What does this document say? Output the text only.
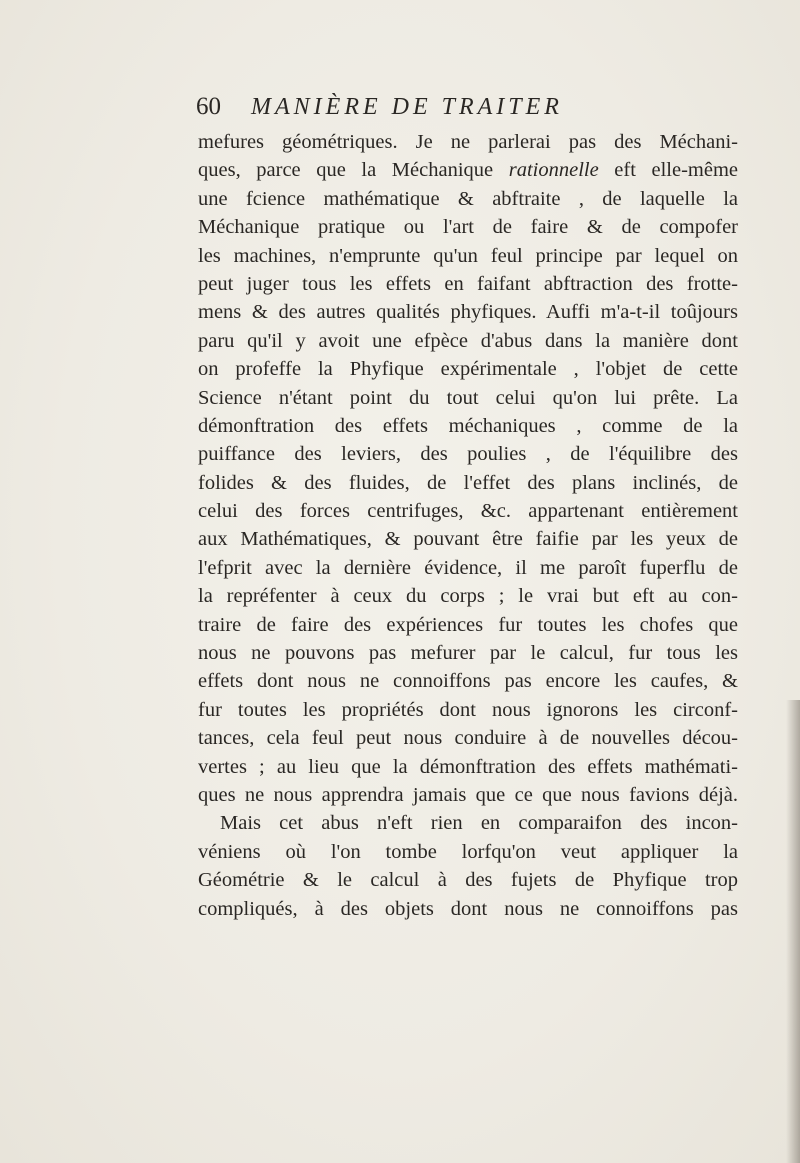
60 MANIÈRE DE TRAITER
mefures géométriques. Je ne parlerai pas des Méchani-
ques, parce que la Méchanique rationnelle eft elle-même
une fcience mathématique & abftraite , de laquelle la
Méchanique pratique ou l'art de faire & de compofer
les machines, n'emprunte qu'un feul principe par lequel on
peut juger tous les effets en faifant abftraction des frotte-
mens & des autres qualités phyfiques. Auffi m'a-t-il toûjours
paru qu'il y avoit une efpèce d'abus dans la manière dont
on profeffe la Phyfique expérimentale , l'objet de cette
Science n'étant point du tout celui qu'on lui prête. La
démonftration des effets méchaniques , comme de la
puiffance des leviers, des poulies , de l'équilibre des
folides & des fluides, de l'effet des plans inclinés, de
celui des forces centrifuges, &c. appartenant entièrement
aux Mathématiques, & pouvant être faifie par les yeux de
l'efprit avec la dernière évidence, il me paroît fuperflu de
la repréfenter à ceux du corps ; le vrai but eft au con-
traire de faire des expériences fur toutes les chofes que
nous ne pouvons pas mefurer par le calcul, fur tous les
effets dont nous ne connoiffons pas encore les caufes, &
fur toutes les propriétés dont nous ignorons les circonf-
tances, cela feul peut nous conduire à de nouvelles décou-
vertes ; au lieu que la démonftration des effets mathémati-
ques ne nous apprendra jamais que ce que nous favions déjà.
Mais cet abus n'eft rien en comparaifon des incon-
véniens où l'on tombe lorfqu'on veut appliquer la
Géométrie & le calcul à des fujets de Phyfique trop
compliqués, à des objets dont nous ne connoiffons pas
